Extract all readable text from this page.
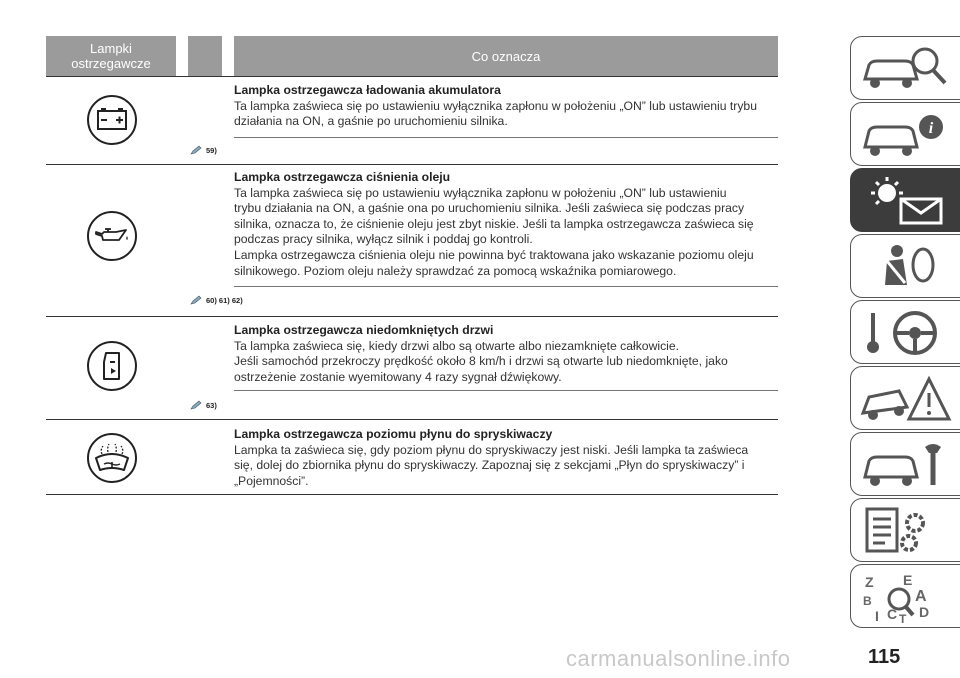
Lampki
ostrzegawcze	Co oznacza
Lampka ostrzegawcza ładowania akumulatora
Ta lampka zaświeca się po ustawieniu wyłącznika zapłonu w położeniu „ON” lub ustawieniu trybu
działania na ON, a gaśnie po uruchomieniu silnika.
59)
Lampka ostrzegawcza ciśnienia oleju
Ta lampka zaświeca się po ustawieniu wyłącznika zapłonu w położeniu „ON” lub ustawieniu
trybu działania na ON, a gaśnie ona po uruchomieniu silnika. Jeśli zaświeca się podczas pracy
silnika, oznacza to, że ciśnienie oleju jest zbyt niskie. Jeśli ta lampka ostrzegawcza zaświeca się
podczas pracy silnika, wyłącz silnik i poddaj go kontroli.
Lampka ostrzegawcza ciśnienia oleju nie powinna być traktowana jako wskazanie poziomu oleju
silnikowego. Poziom oleju należy sprawdzać za pomocą wskaźnika pomiarowego.
60) 61) 62)
Lampka ostrzegawcza niedomkniętych drzwi
Ta lampka zaświeca się, kiedy drzwi albo są otwarte albo niezamknięte całkowicie.
Jeśli samochód przekroczy prędkość około 8 km/h i drzwi są otwarte lub niedomknięte, jako
ostrzeżenie zostanie wyemitowany 4 razy sygnał dźwiękowy.
63)
Lampka ostrzegawcza poziomu płynu do spryskiwaczy
Lampka ta zaświeca się, gdy poziom płynu do spryskiwaczy jest niski. Jeśli lampka ta zaświeca
się, dolej do zbiornika płynu do spryskiwaczy. Zapoznaj się z sekcjami „Płyn do spryskiwaczy” i
„Pojemności”.
i
Z E
B	A
I C D
T
carmanualsonline.info	115
